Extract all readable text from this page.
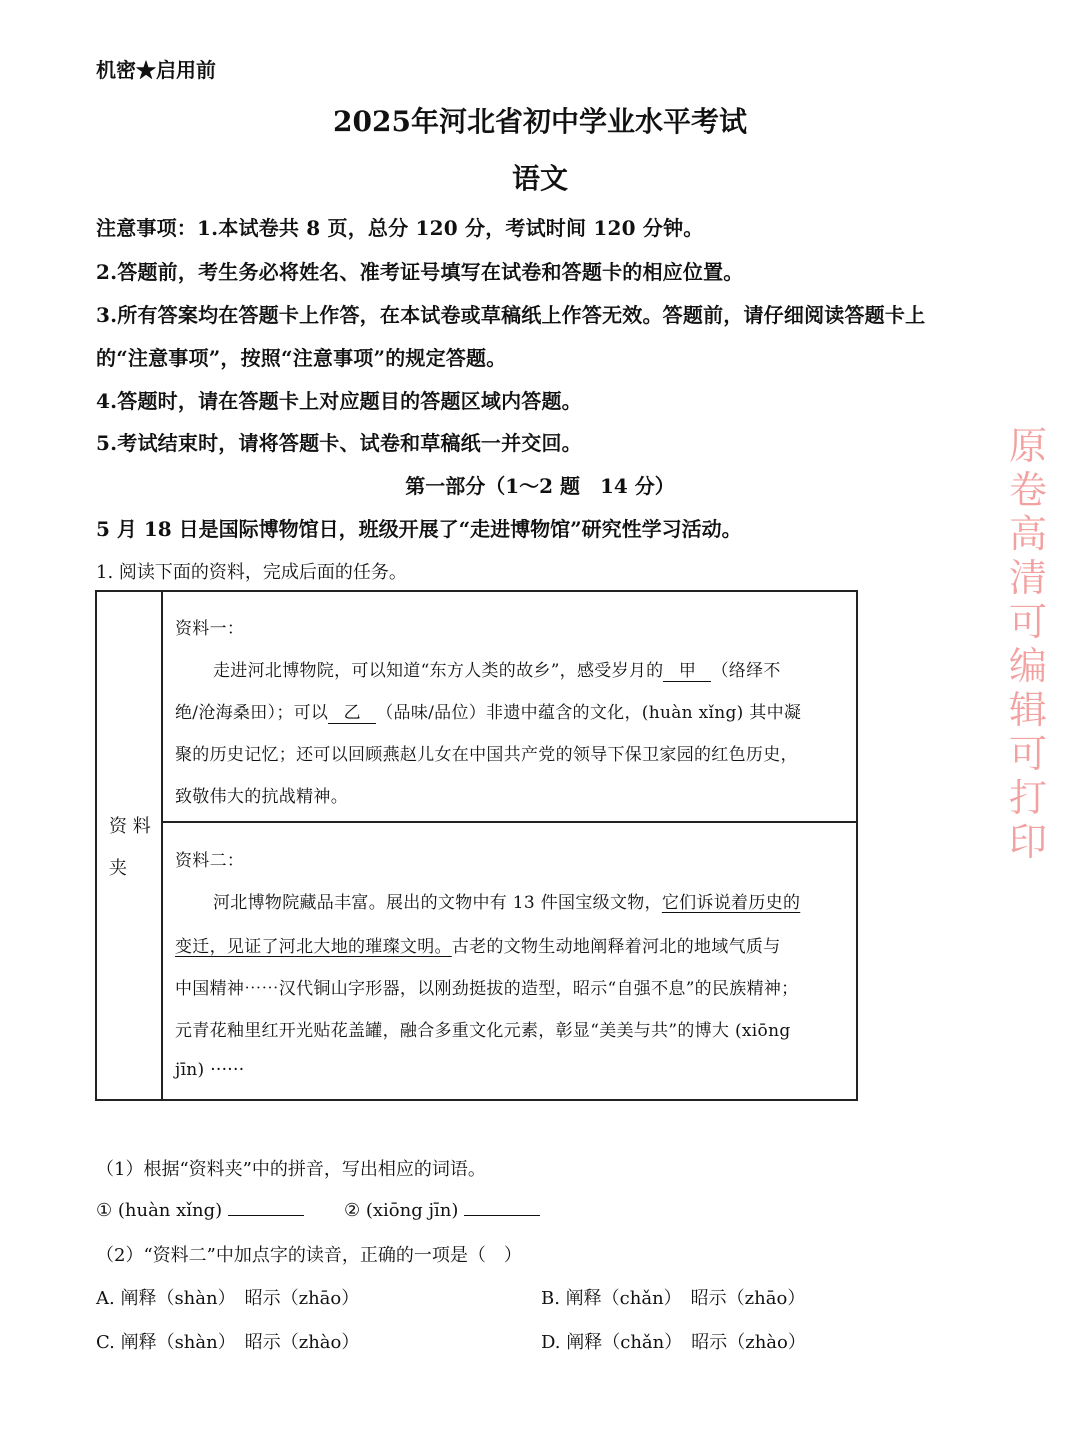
机密★启用前
2025年河北省初中学业水平考试
语文
注意事项：1.本试卷共 8 页，总分 120 分，考试时间 120 分钟。
2.答题前，考生务必将姓名、准考证号填写在试卷和答题卡的相应位置。
3.所有答案均在答题卡上作答，在本试卷或草稿纸上作答无效。答题前，请仔细阅读答题卡上
的“注意事项”，按照“注意事项”的规定答题。
4.答题时，请在答题卡上对应题目的答题区域内答题。
5.考试结束时，请将答题卡、试卷和草稿纸一并交回。
第一部分（1～2 题　14 分）
5 月 18 日是国际博物馆日，班级开展了“走进博物馆”研究性学习活动。
1. 阅读下面的资料，完成后面的任务。
资 料
夹
资料一：
走进河北博物院，可以知道“东方人类的故乡”，感受岁月的 甲 （络绎不
绝/沧海桑田）；可以 乙 （品味/品位）非遗中蕴含的文化，(huàn xǐng) 其中凝
聚的历史记忆；还可以回顾燕赵儿女在中国共产党的领导下保卫家园的红色历史，
致敬伟大的抗战精神。
资料二：
河北博物院藏品丰富。展出的文物中有 13 件国宝级文物，它们诉说着历史的
变迁，见证了河北大地的璀璨文明。古老的文物生动地阐释着河北的地域气质与
中国精神⋯⋯汉代铜山字形器，以刚劲挺拔的造型，昭示“自强不息”的民族精神；
元青花釉里红开光贴花盖罐，融合多重文化元素，彰显“美美与共”的博大 (xiōng
jīn) ······
（1）根据“资料夹”中的拼音，写出相应的词语。
① (huàn xǐng)	② (xiōng jīn)
（2）“资料二”中加点字的读音，正确的一项是（　）
A. 阐释（shàn）　昭示（zhāo）	B. 阐释（chǎn）　昭示（zhāo）
C. 阐释（shàn）　昭示（zhào）	D. 阐释（chǎn）　昭示（zhào）
原
卷
高
清
可
编
辑
可
打
印
